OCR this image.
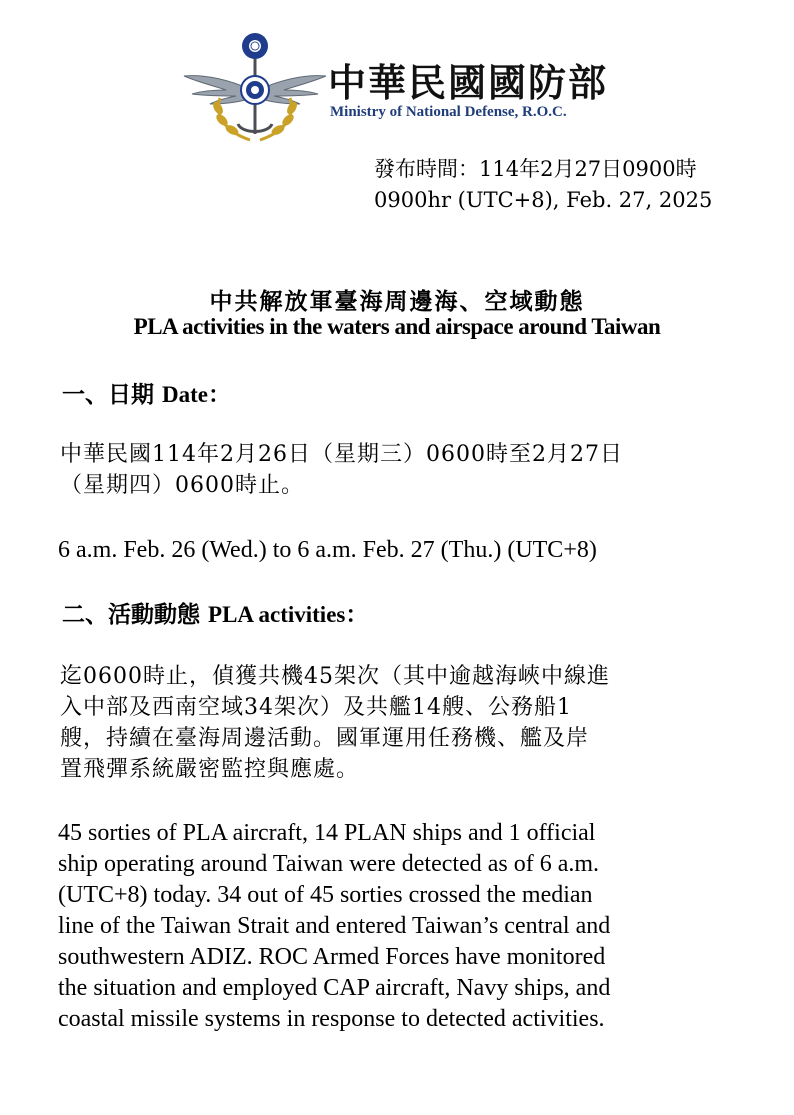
中華民國國防部
Ministry of National Defense, R.O.C.
發布時間：114年2月27日0900時
0900hr (UTC+8), Feb. 27, 2025
中共解放軍臺海周邊海、空域動態
PLA activities in the waters and airspace around Taiwan
一、日期 Date：
中華民國114年2月26日（星期三）0600時至2月27日
（星期四）0600時止。
6 a.m. Feb. 26 (Wed.) to 6 a.m. Feb. 27 (Thu.) (UTC+8)
二、活動動態 PLA activities：
迄0600時止，偵獲共機45架次（其中逾越海峽中線進
入中部及西南空域34架次）及共艦14艘、公務船1
艘，持續在臺海周邊活動。國軍運用任務機、艦及岸
置飛彈系統嚴密監控與應處。
45 sorties of PLA aircraft, 14 PLAN ships and 1 official
ship operating around Taiwan were detected as of 6 a.m.
(UTC+8) today. 34 out of 45 sorties crossed the median
line of the Taiwan Strait and entered Taiwan’s central and
southwestern ADIZ. ROC Armed Forces have monitored
the situation and employed CAP aircraft, Navy ships, and
coastal missile systems in response to detected activities.
